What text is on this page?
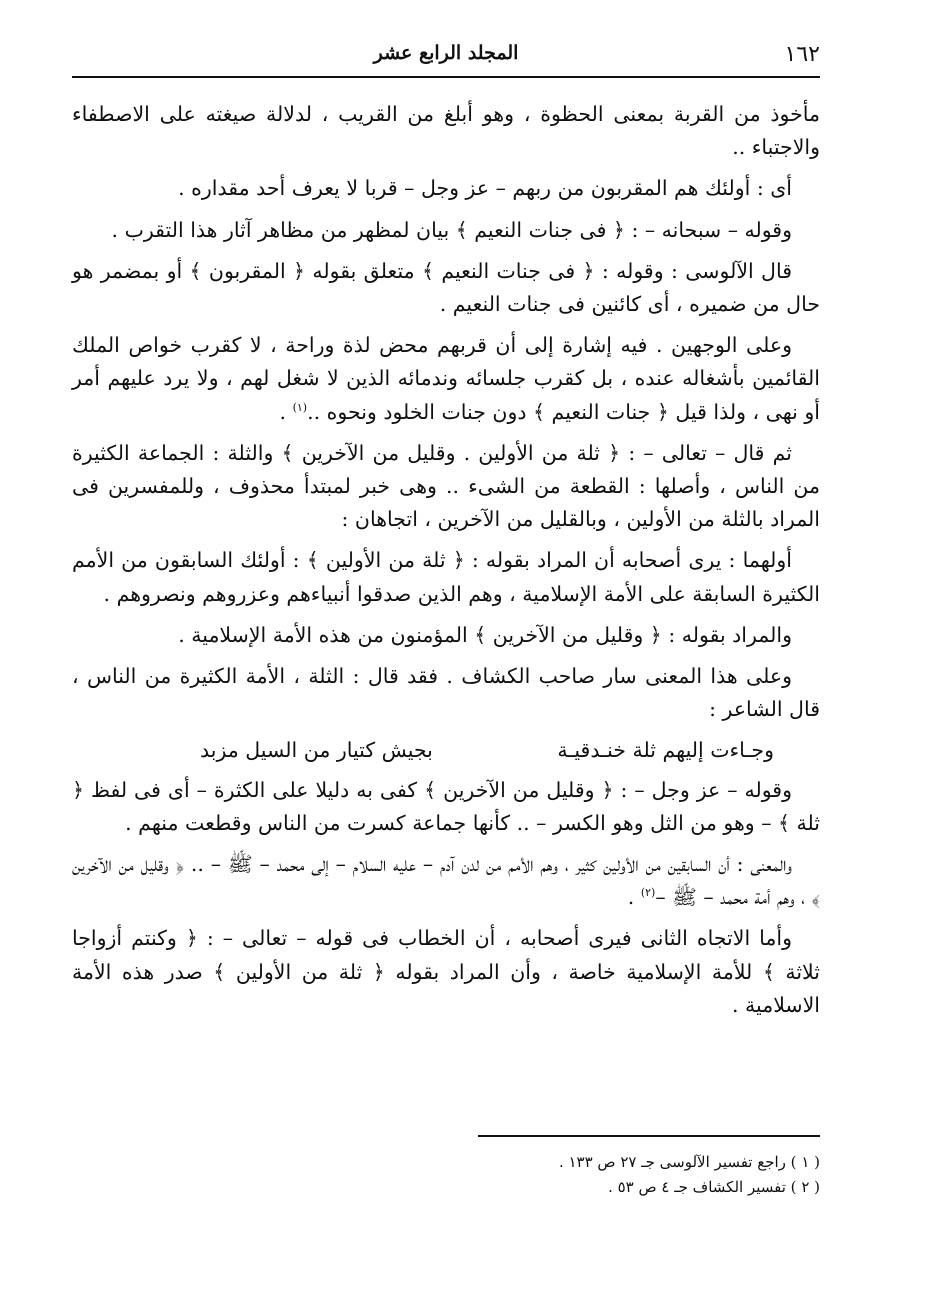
١٦٢
المجلد الرابع عشر

مأخوذ من القربة بمعنى الحظوة ، وهو أبلغ من القريب ، لدلالة صيغته على الاصطفاء والاجتباء ..

أى : أولئك هم المقربون من ربهم – عز وجل – قربا لا يعرف أحد مقداره .

وقوله – سبحانه – : ﴿ فى جنات النعيم ﴾ بيان لمظهر من مظاهر آثار هذا التقرب .

قال الآلوسى : وقوله : ﴿ فى جنات النعيم ﴾ متعلق بقوله ﴿ المقربون ﴾ أو بمضمر هو حال من ضميره ، أى كائنين فى جنات النعيم .

وعلى الوجهين . فيه إشارة إلى أن قربهم محض لذة وراحة ، لا كقرب خواص الملك القائمين بأشغاله عنده ، بل كقرب جلسائه وندمائه الذين لا شغل لهم ، ولا يرد عليهم أمر أو نهى ، ولذا قيل ﴿ جنات النعيم ﴾ دون جنات الخلود ونحوه ..$^{(١)}$ .

ثم قال – تعالى – : ﴿ ثلة من الأولين . وقليل من الآخرين ﴾ والثلة : الجماعة الكثيرة من الناس ، وأصلها : القطعة من الشىء .. وهى خبر لمبتدأ محذوف ، وللمفسرين فى المراد بالثلة من الأولين ، وبالقليل من الآخرين ، اتجاهان :

أولهما : يرى أصحابه أن المراد بقوله : ﴿ ثلة من الأولين ﴾ : أولئك السابقون من الأمم الكثيرة السابقة على الأمة الإسلامية ، وهم الذين صدقوا أنبياءهم وعزروهم ونصروهم .

والمراد بقوله : ﴿ وقليل من الآخرين ﴾ المؤمنون من هذه الأمة الإسلامية .

وعلى هذا المعنى سار صاحب الكشاف . فقد قال : الثلة ، الأمة الكثيرة من الناس ، قال الشاعر :

وجـاءت إليهم ثلة خنـدقيـة
بجيش كتيار من السيل مزبد

وقوله – عز وجل – : ﴿ وقليل من الآخرين ﴾ كفى به دليلا على الكثرة – أى فى لفظ ﴿ ثلة ﴾ – وهو من الثل وهو الكسر – .. كأنها جماعة كسرت من الناس وقطعت منهم .

والمعنى : أن السابقين من الأولين كثير ، وهم الأمم من لدن آدم – عليه السلام – إلى محمد – ﷺ – .. ﴿ وقليل من الآخرين ﴾ ، وهم أمة محمد – ﷺ –$^{(٢)}$ .

وأما الاتجاه الثانى فيرى أصحابه ، أن الخطاب فى قوله – تعالى – : ﴿ وكنتم أزواجا ثلاثة ﴾ للأمة الإسلامية خاصة ، وأن المراد بقوله ﴿ ثلة من الأولين ﴾ صدر هذه الأمة الاسلامية .

( ١ ) راجع تفسير الآلوسى جـ ٢٧ ص ١٣٣ .

( ٢ ) تفسير الكشاف جـ ٤ ص ٥٣ .
